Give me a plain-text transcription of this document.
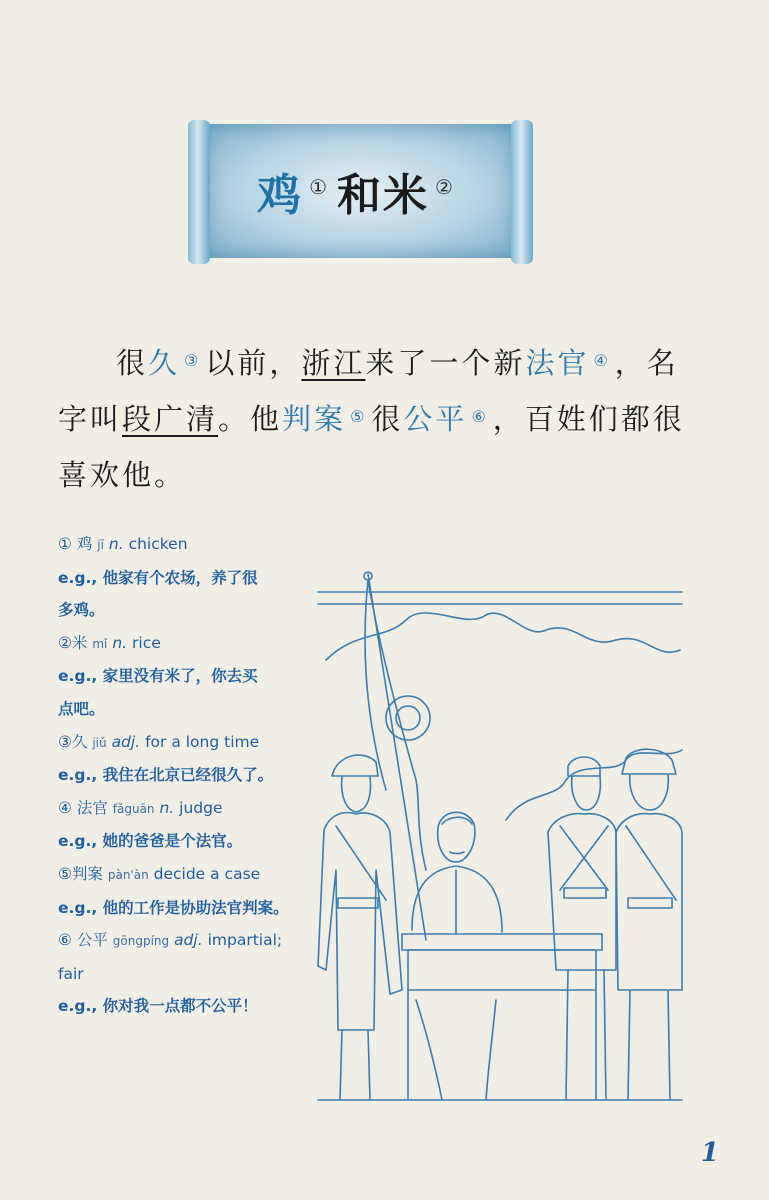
鸡 ① 和米 ②
很久 ③ 以前，浙江来了一个新法官 ④ ，名字叫段广清。他判案 ⑤ 很公平 ⑥ ，百姓们都很喜欢他。
① 鸡 jī n. chicken
e.g., 他家有个农场，养了很
多鸡。
②米 mǐ n. rice
e.g., 家里没有米了，你去买
点吧。
③久 jiǔ adj. for a long time
e.g., 我住在北京已经很久了。
④ 法官 fǎguān n. judge
e.g., 她的爸爸是个法官。
⑤判案 pàn'àn decide a case
e.g., 他的工作是协助法官判案。
⑥ 公平 gōngpíng adj. impartial;
fair
e.g., 你对我一点都不公平！
1
